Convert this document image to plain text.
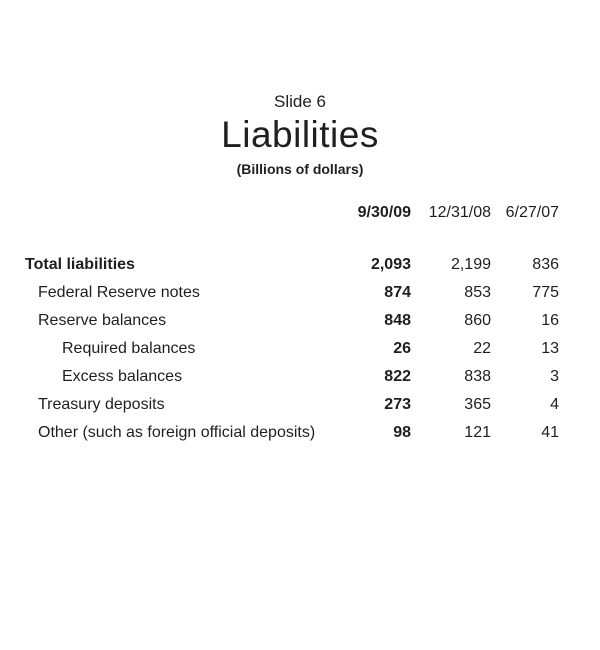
Slide 6
Liabilities
(Billions of dollars)
	9/30/09	12/31/08	6/27/07
Total liabilities	2,093	2,199	836
Federal Reserve notes	874	853	775
Reserve balances	848	860	16
Required balances	26	22	13
Excess balances	822	838	3
Treasury deposits	273	365	4
Other (such as foreign official deposits)	98	121	41
